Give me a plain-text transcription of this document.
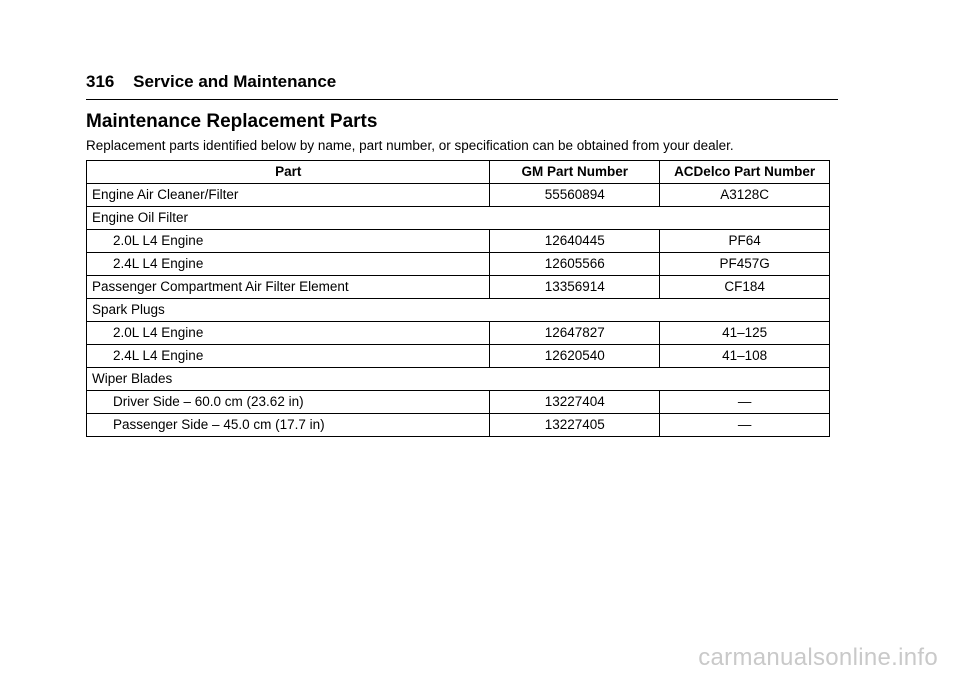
316 Service and Maintenance
Maintenance Replacement Parts

Replacement parts identified below by name, part number, or specification can be obtained from your dealer.

Part	GM Part Number	ACDelco Part Number
Engine Air Cleaner/Filter	55560894	A3128C
Engine Oil Filter		
2.0L L4 Engine	12640445	PF64
2.4L L4 Engine	12605566	PF457G
Passenger Compartment Air Filter Element	13356914	CF184
Spark Plugs		
2.0L L4 Engine	12647827	41–125
2.4L L4 Engine	12620540	41–108
Wiper Blades		
Driver Side – 60.0 cm (23.62 in)	13227404	—
Passenger Side – 45.0 cm (17.7 in)	13227405	—
carmanualsonline.info
